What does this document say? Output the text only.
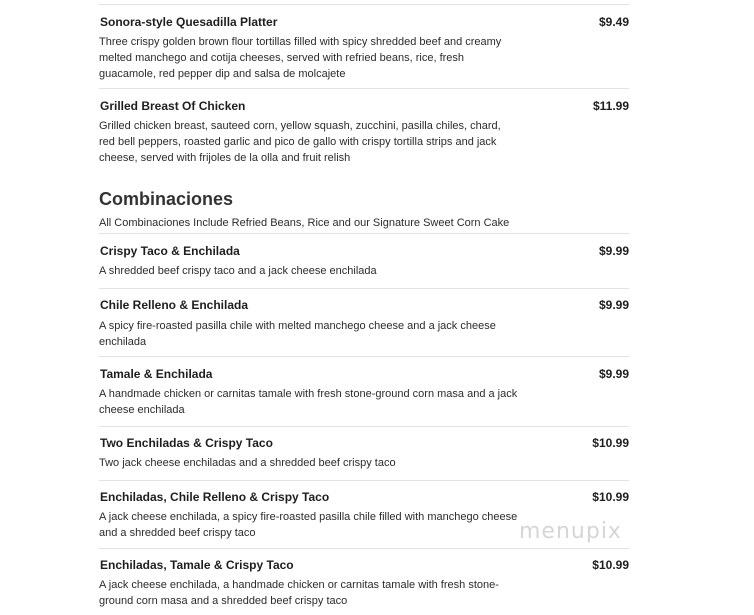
Sonora-style Quesadilla Platter	$9.49
Three crispy golden brown flour tortillas filled with spicy shredded beef and creamy melted manchego and cotija cheeses, served with refried beans, rice, fresh guacamole, red pepper dip and salsa de molcajete
Grilled Breast Of Chicken	$11.99
Grilled chicken breast, sauteed corn, yellow squash, zucchini, pasilla chiles, chard, red bell peppers, roasted garlic and pico de gallo with crispy tortilla strips and jack cheese, served with frijoles de la olla and fruit relish
Combinaciones
All Combinaciones Include Refried Beans, Rice and our Signature Sweet Corn Cake
Crispy Taco & Enchilada	$9.99
A shredded beef crispy taco and a jack cheese enchilada
Chile Relleno & Enchilada	$9.99
A spicy fire-roasted pasilla chile with melted manchego cheese and a jack cheese enchilada
Tamale & Enchilada	$9.99
A handmade chicken or carnitas tamale with fresh stone-ground corn masa and a jack cheese enchilada
Two Enchiladas & Crispy Taco	$10.99
Two jack cheese enchiladas and a shredded beef crispy taco
Enchiladas, Chile Relleno & Crispy Taco	$10.99
A jack cheese enchilada, a spicy fire-roasted pasilla chile filled with manchego cheese and a shredded beef crispy taco
Enchiladas, Tamale & Crispy Taco	$10.99
A jack cheese enchilada, a handmade chicken or carnitas tamale with fresh stone-ground corn masa and a shredded beef crispy taco
menupix
